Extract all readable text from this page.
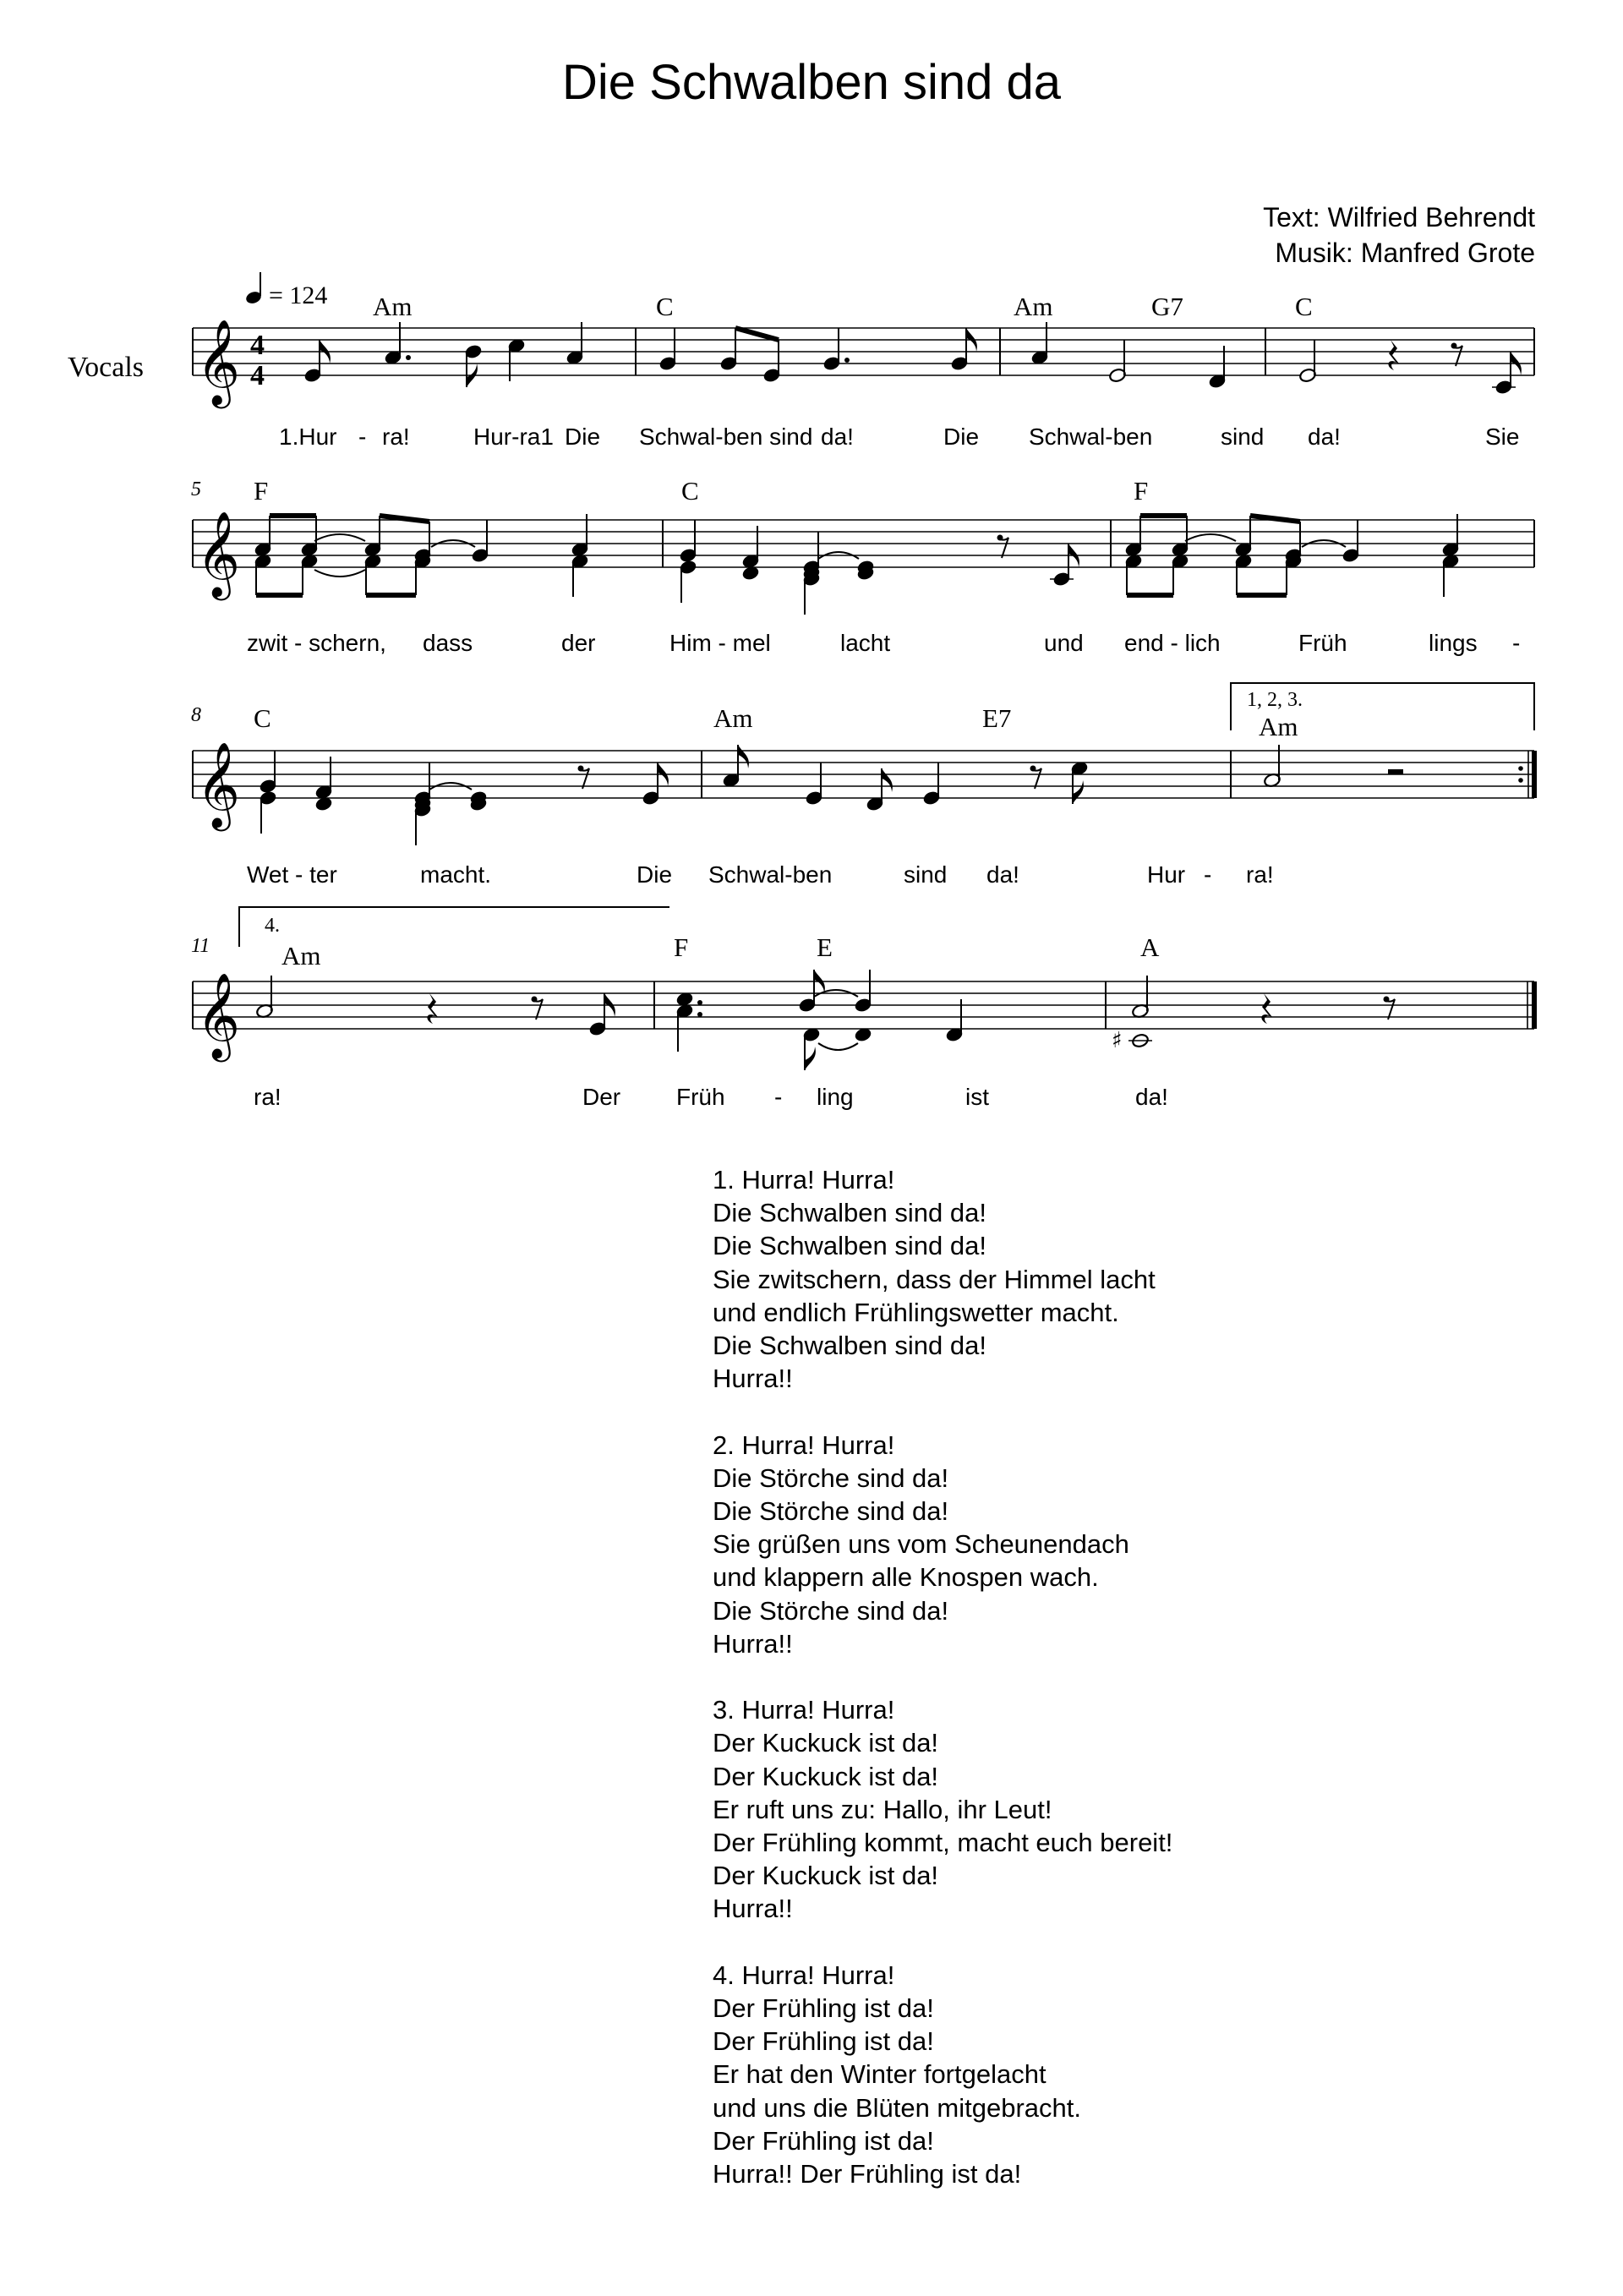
Die Schwalben sind da
Text: Wilfried Behrendt
Musik: Manfred Grote
Vocals
= 124
𝄞
𝄞
𝄞
𝄞
4
4
5
8
11
Am	C	Am	G7	C
F	C	F
C	Am	E7	Am
Am	F	E	A
1, 2, 3.
4.
♯
1.Hur - ra!	Hur-ra1 Die Schwal-ben sind da!	Die Schwal-ben	sind da!	Sie
zwit - schern, dass	der	Him - mel	lacht	und end - lich	Früh	lings -
Wet - ter	macht.	Die Schwal-ben	sind da!	Hur - ra!
ra!	Der Früh - ling	ist	da!
1. Hurra! Hurra!
Die Schwalben sind da!
Die Schwalben sind da!
Sie zwitschern, dass der Himmel lacht
und endlich Frühlingswetter macht.
Die Schwalben sind da!
Hurra!!
2. Hurra! Hurra!
Die Störche sind da!
Die Störche sind da!
Sie grüßen uns vom Scheunendach
und klappern alle Knospen wach.
Die Störche sind da!
Hurra!!
3. Hurra! Hurra!
Der Kuckuck ist da!
Der Kuckuck ist da!
Er ruft uns zu: Hallo, ihr Leut!
Der Frühling kommt, macht euch bereit!
Der Kuckuck ist da!
Hurra!!
4. Hurra! Hurra!
Der Frühling ist da!
Der Frühling ist da!
Er hat den Winter fortgelacht
und uns die Blüten mitgebracht.
Der Frühling ist da!
Hurra!! Der Frühling ist da!
